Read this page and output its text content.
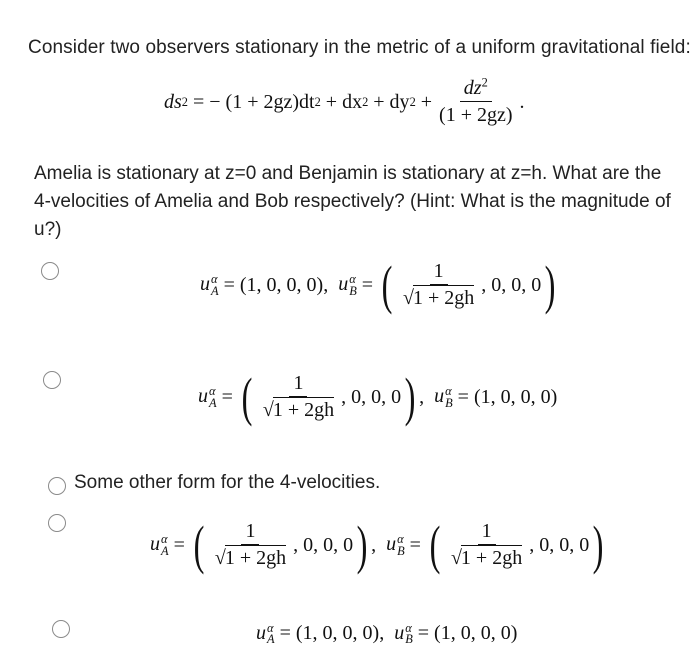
Consider two observers stationary in the metric of a uniform gravitational field:
ds 2
= − (1 + 2gz)dt 2
+ dx 2
+ dy 2
+ $\frac{dz^2}{(1 + 2gz)}$ .
Amelia is stationary at z=0 and Benjamin is stationary at z=h. What are the 4-velocities of Amelia and Bob respectively? (Hint: What is the magnitude of u?)
u α
A
=
(1, 0, 0, 0) ,
u α
B
=
( $\frac{1}{√1 + 2gh}$ , 0, 0, 0 )
u α
A
=
( $\frac{1}{√1 + 2gh}$ , 0, 0, 0 ) ,
u α
B
=
(1, 0, 0, 0)
Some other form for the 4-velocities.
u α
A
=
( $\frac{1}{√1 + 2gh}$ , 0, 0, 0 ) ,
u α
B
=
( $\frac{1}{√1 + 2gh}$ , 0, 0, 0 )
u α
A
=
(1, 0, 0, 0) ,
u α
B
=
(1, 0, 0, 0)
